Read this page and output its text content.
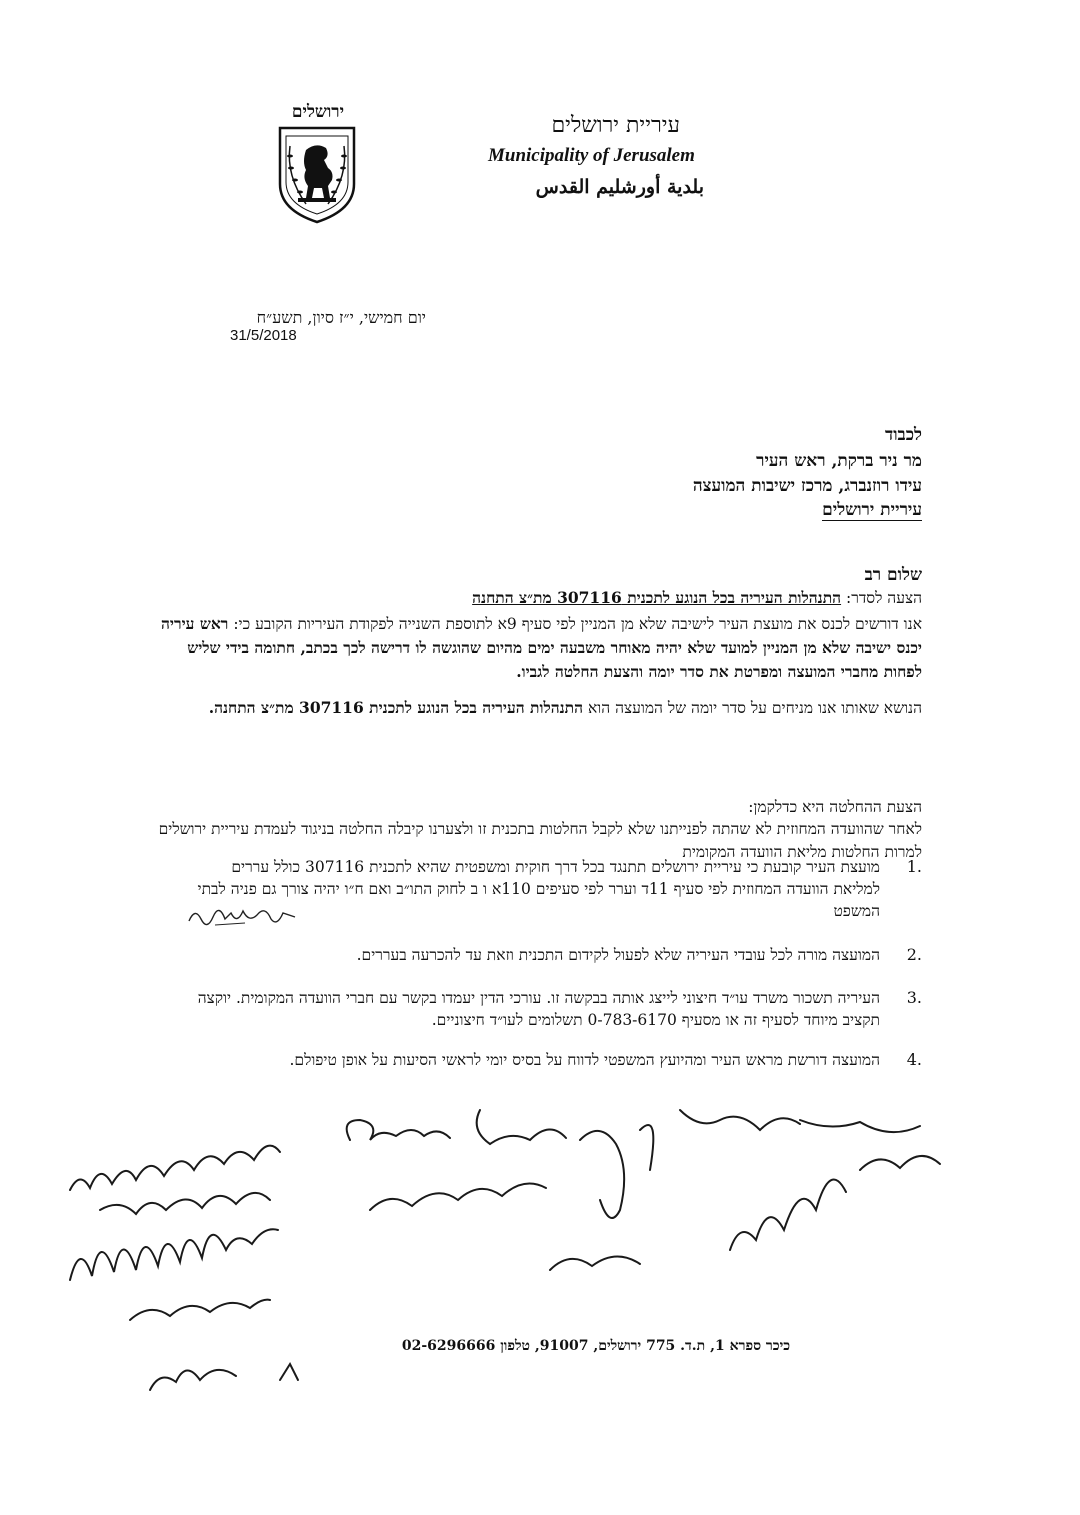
ירושלים
עיריית ירושלים
Municipality of Jerusalem
بلدية أورشليم القدس
יום חמישי, י״ז סיון, תשע״ח
31/5/2018
לכבוד
מר ניר ברקת, ראש העיר
עידו רוזנברג, מרכז ישיבות המועצה
עיריית ירושלים
שלום רב
הצעה לסדר: התנהלות העיריה בכל הנוגע לתכנית 307116 מת״צ התחנה
אנו דורשים לכנס את מועצת העיר לישיבה שלא מן המניין לפי סעיף 9א לתוספת השנייה לפקודת העיריות הקובע כי: ראש עיריה יכנס ישיבה שלא מן המניין למועד שלא יהיה מאוחר משבעה ימים מהיום שהוגשה לו דרישה לכך בכתב, חתומה בידי שליש לפחות מחברי המועצה ומפרטת את סדר יומה והצעת החלטה לגביו.
הנושא שאותו אנו מניחים על סדר יומה של המועצה הוא התנהלות העיריה בכל הנוגע לתכנית 307116 מת״צ התחנה.
הצעת ההחלטה היא כדלקמן:
לאחר שהוועדה המחוזית לא שהתה לפנייתנו שלא לקבל החלטות בתכנית זו ולצערנו קיבלה החלטה בניגוד לעמדת עיריית ירושלים למרות החלטות מליאת הוועדה המקומית
1.
מועצת העיר קובעת כי עיריית ירושלים תתנגד בכל דרך חוקית ומשפטית שהיא לתכנית 307116 כולל עררים למליאת הוועדה המחוזית לפי סעיף 11ד וערר לפי סעיפים 110א ו ב לחוק התו״ב ואם ח״ו יהיה צורך גם פניה לבתי המשפט
2.
המועצה מורה לכל עובדי העיריה שלא לפעול לקידום התכנית וזאת עד להכרעה בעררים.
3.
העיריה תשכור משרד עו״ד חיצוני לייצג אותה בבקשה זו. עורכי הדין יעמדו בקשר עם חברי הוועדה המקומית. יוקצה תקציב מיוחד לסעיף זה או מסעיף 0-783-6170 תשלומים לעו״ד חיצוניים.
4.
המועצה דורשת מראש העיר ומהיועץ המשפטי לדווח על בסיס יומי לראשי הסיעות על אופן טיפולם.
כיכר ספרא 1, ת.ד. 775 ירושלים, 91007, טלפון 02-6296666
